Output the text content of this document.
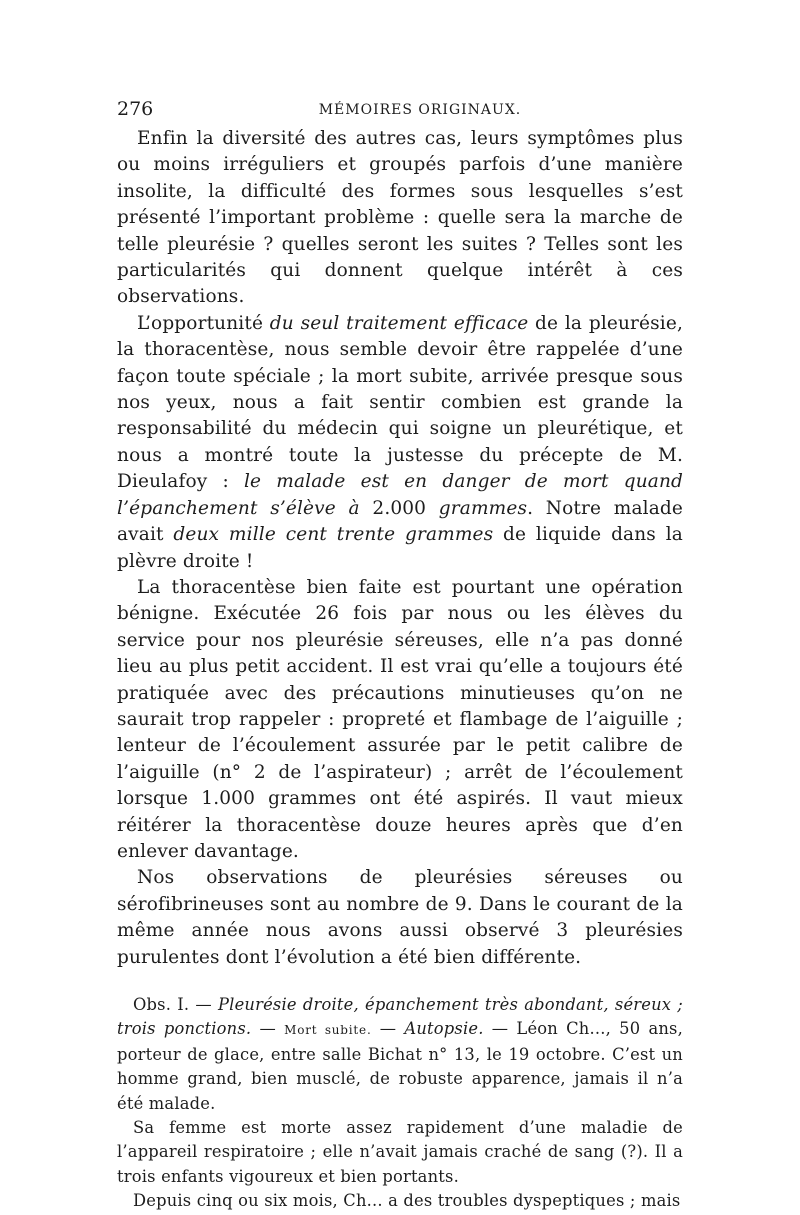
276	MÉMOIRES ORIGINAUX.

Enfin la diversité des autres cas, leurs symptômes plus ou moins irréguliers et groupés parfois d’une manière insolite, la difficulté des formes sous lesquelles s’est présenté l’important problème : quelle sera la marche de telle pleurésie ? quelles seront les suites ? Telles sont les particularités qui donnent quelque intérêt à ces observations.

L’opportunité du seul traitement efficace de la pleurésie, la thoracentèse, nous semble devoir être rappelée d’une façon toute spéciale ; la mort subite, arrivée presque sous nos yeux, nous a fait sentir combien est grande la responsabilité du médecin qui soigne un pleurétique, et nous a montré toute la justesse du précepte de M. Dieulafoy : le malade est en danger de mort quand l’épanchement s’élève à 2.000 grammes. Notre malade avait deux mille cent trente grammes de liquide dans la plèvre droite !

La thoracentèse bien faite est pourtant une opération bénigne. Exécutée 26 fois par nous ou les élèves du service pour nos pleurésie séreuses, elle n’a pas donné lieu au plus petit accident. Il est vrai qu’elle a toujours été pratiquée avec des précautions minutieuses qu’on ne saurait trop rappeler : propreté et flambage de l’aiguille ; lenteur de l’écoulement assurée par le petit calibre de l’aiguille (n° 2 de l’aspirateur) ; arrêt de l’écoulement lorsque 1.000 grammes ont été aspirés. Il vaut mieux réitérer la thoracentèse douze heures après que d’en enlever davantage.

Nos observations de pleurésies séreuses ou sérofibrineuses sont au nombre de 9. Dans le courant de la même année nous avons aussi observé 3 pleurésies purulentes dont l’évolution a été bien différente.

Obs. I. — Pleurésie droite, épanchement très abondant, séreux ; trois ponctions. — Mort subite. — Autopsie. — Léon Ch..., 50 ans, porteur de glace, entre salle Bichat n° 13, le 19 octobre. C’est un homme grand, bien musclé, de robuste apparence, jamais il n’a été malade.

Sa femme est morte assez rapidement d’une maladie de l’appareil respiratoire ; elle n’avait jamais craché de sang (?). Il a trois enfants vigoureux et bien portants.

Depuis cinq ou six mois, Ch... a des troubles dyspeptiques ; mais
